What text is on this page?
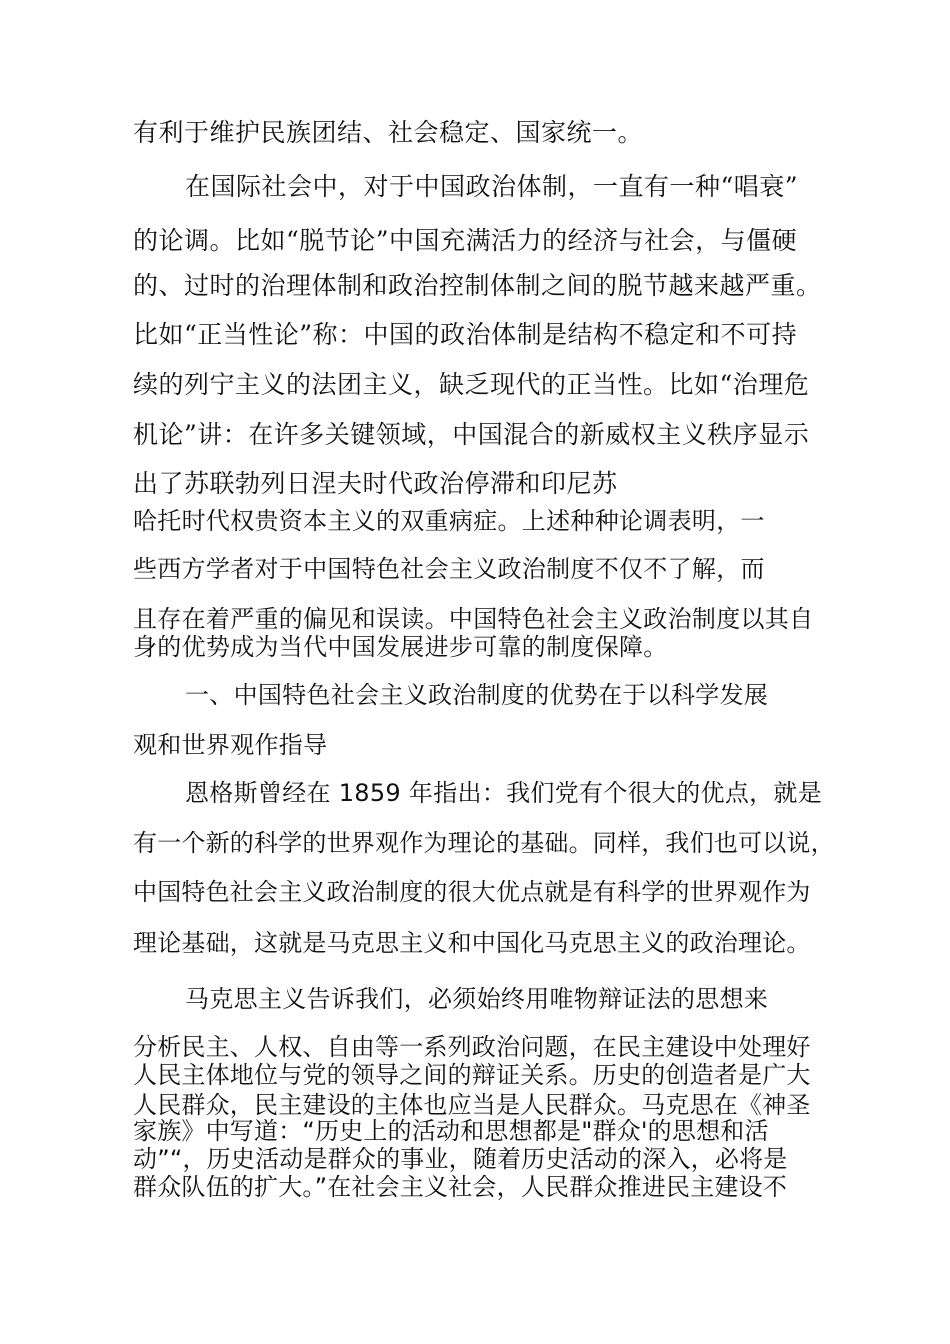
有利于维护民族团结、社会稳定、国家统一。
在国际社会中，对于中国政治体制，一直有一种“唱衰”
的论调。比如“脱节论”中国充满活力的经济与社会，与僵硬
的、过时的治理体制和政治控制体制之间的脱节越来越严重。
比如“正当性论”称：中国的政治体制是结构不稳定和不可持
续的列宁主义的法团主义，缺乏现代的正当性。比如“治理危
机论”讲：在许多关键领域，中国混合的新威权主义秩序显示
出了苏联勃列日涅夫时代政治停滞和印尼苏
哈托时代权贵资本主义的双重病症。上述种种论调表明，一
些西方学者对于中国特色社会主义政治制度不仅不了解，而
且存在着严重的偏见和误读。中国特色社会主义政治制度以其自
身的优势成为当代中国发展进步可靠的制度保障。
一、中国特色社会主义政治制度的优势在于以科学发展
观和世界观作指导
恩格斯曾经在 1859 年指出：我们党有个很大的优点，就是
有一个新的科学的世界观作为理论的基础。同样，我们也可以说，
中国特色社会主义政治制度的很大优点就是有科学的世界观作为
理论基础，这就是马克思主义和中国化马克思主义的政治理论。
马克思主义告诉我们，必须始终用唯物辩证法的思想来
分析民主、人权、自由等一系列政治问题，在民主建设中处理好
人民主体地位与党的领导之间的辩证关系。历史的创造者是广大
人民群众，民主建设的主体也应当是人民群众。马克思在《神圣
家族》中写道：“历史上的活动和思想都是"群众'的思想和活
动”“，历史活动是群众的事业，随着历史活动的深入，必将是
群众队伍的扩大。”在社会主义社会，人民群众推进民主建设不
